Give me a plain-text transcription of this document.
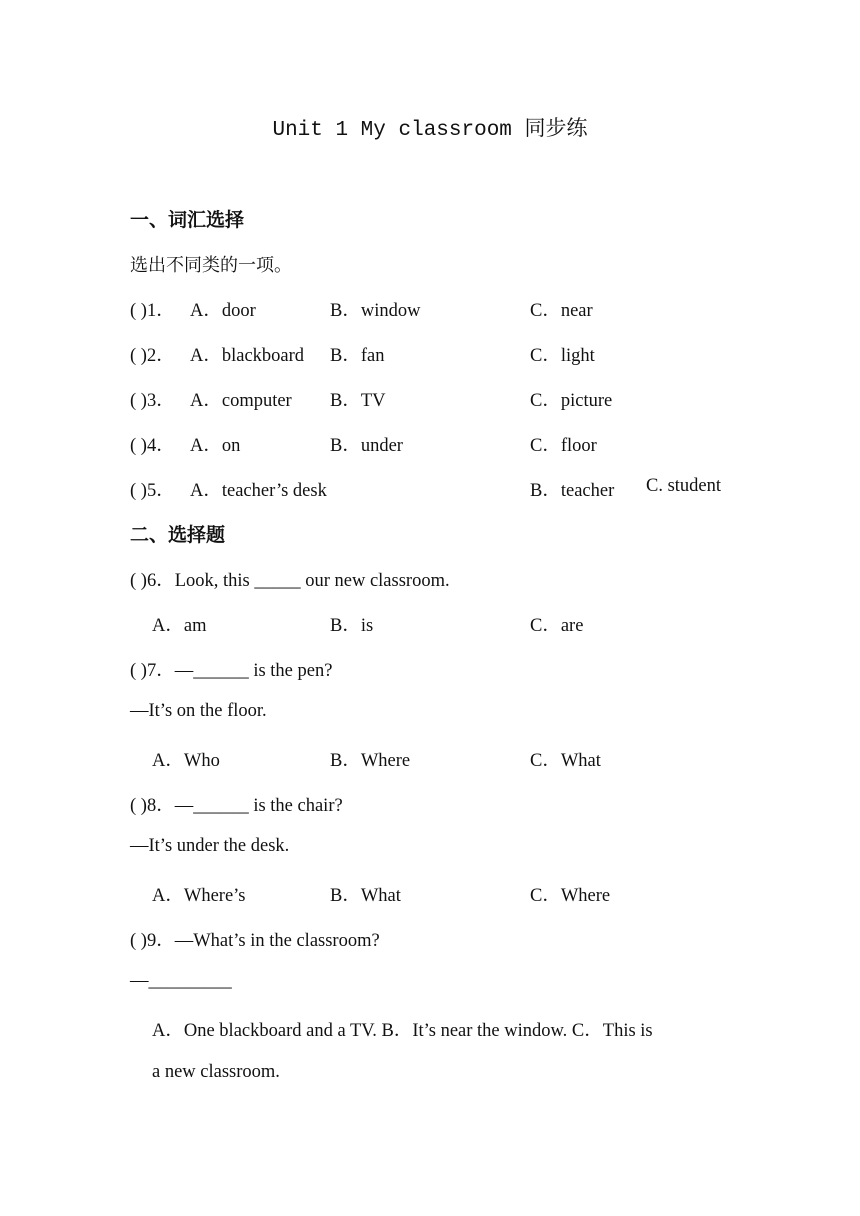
Unit 1 My classroom 同步练
一、词汇选择
选出不同类的一项。
( )1． A．door	B．window	C．near
( )2． A．blackboard B．fan	C．light
( )3． A．computer B．TV	C．picture
( )4． A．on	B．under	C．floor
( )5． A．teacher’s desk	B．teacher C. student
二、选择题
( )6．Look, this _____ our new classroom.
A．am	B．is	C．are
( )7．—______ is the pen?
—It’s on the floor.
A．Who	B．Where	C．What
( )8．—______ is the chair?
—It’s under the desk.
A．Where’s	B．What	C．Where
( )9．—What’s in the classroom?
—_________
A．One blackboard and a TV. B．It’s near the window. C．This is
a new classroom.
